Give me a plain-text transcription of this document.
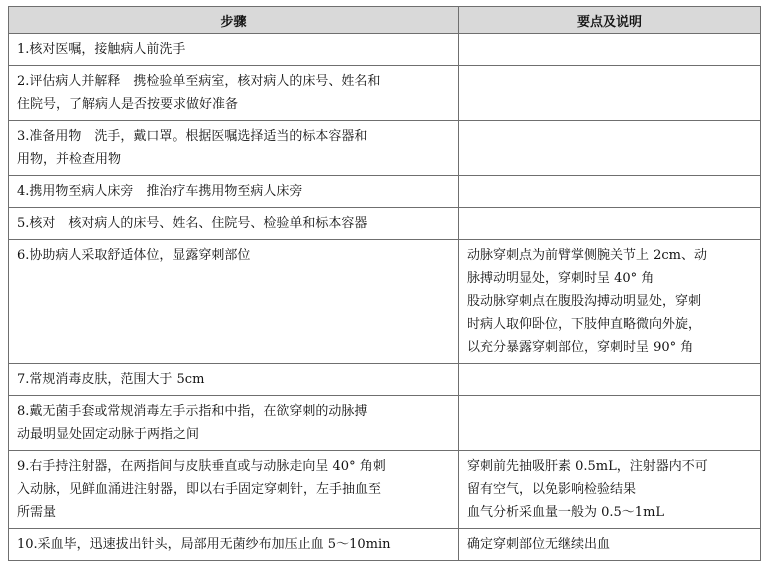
步骤	要点及说明

1.核对医嘱，接触病人前洗手	

2.评估病人并解释　携检验单至病室，核对病人的床号、姓名和
住院号，了解病人是否按要求做好准备	

3.准备用物　洗手，戴口罩。根据医嘱选择适当的标本容器和
用物，并检查用物	

4.携用物至病人床旁　推治疗车携用物至病人床旁	

5.核对　核对病人的床号、姓名、住院号、检验单和标本容器	

6.协助病人采取舒适体位，显露穿刺部位	动脉穿刺点为前臂掌侧腕关节上 2cm、动
脉搏动明显处，穿刺时呈 40° 角
股动脉穿刺点在腹股沟搏动明显处，穿刺
时病人取仰卧位，下肢伸直略微向外旋，
以充分暴露穿刺部位，穿刺时呈 90° 角

7.常规消毒皮肤，范围大于 5cm	

8.戴无菌手套或常规消毒左手示指和中指，在欲穿刺的动脉搏
动最明显处固定动脉于两指之间	

9.右手持注射器，在两指间与皮肤垂直或与动脉走向呈 40° 角刺
入动脉，见鲜血涌进注射器，即以右手固定穿刺针，左手抽血至
所需量	穿刺前先抽吸肝素 0.5mL，注射器内不可
留有空气，以免影响检验结果
血气分析采血量一般为 0.5～1mL

10.采血毕，迅速拔出针头，局部用无菌纱布加压止血 5～10min	确定穿刺部位无继续出血
